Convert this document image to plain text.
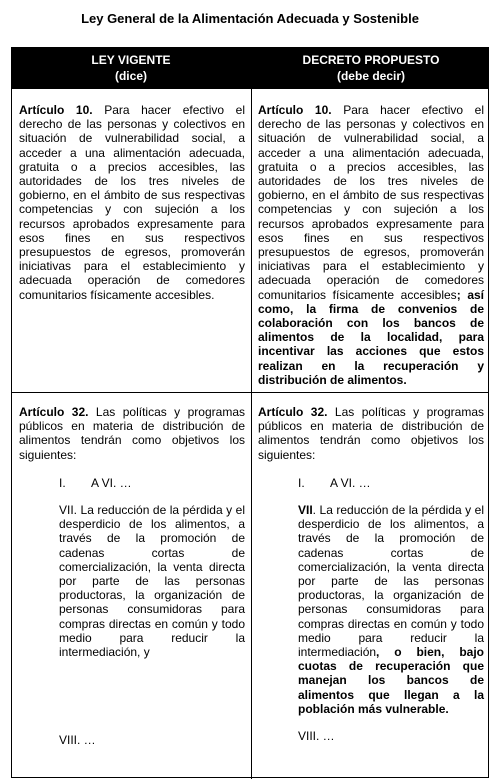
Ley General de la Alimentación Adecuada y Sostenible
LEY VIGENTE
(dice)
DECRETO PROPUESTO
(debe decir)
Artículo 10. Para hacer efectivo el derecho de las personas y colectivos en situación de vulnerabilidad social, a acceder a una alimentación adecuada, gratuita o a precios accesibles, las autoridades de los tres niveles de gobierno, en el ámbito de sus respectivas competencias y con sujeción a los recursos aprobados expresamente para esos fines en sus respectivos presupuestos de egresos, promoverán iniciativas para el establecimiento y adecuada operación de comedores comunitarios físicamente accesibles.
Artículo 10. Para hacer efectivo el derecho de las personas y colectivos en situación de vulnerabilidad social, a acceder a una alimentación adecuada, gratuita o a precios accesibles, las autoridades de los tres niveles de gobierno, en el ámbito de sus respectivas competencias y con sujeción a los recursos aprobados expresamente para esos fines en sus respectivos presupuestos de egresos, promoverán iniciativas para el establecimiento y adecuada operación de comedores comunitarios físicamente accesibles; así como, la firma de convenios de colaboración con los bancos de alimentos de la localidad, para incentivar las acciones que estos realizan en la recuperación y distribución de alimentos.
Artículo 32. Las políticas y programas públicos en materia de distribución de alimentos tendrán como objetivos los siguientes:
I. A VI. …
VII. La reducción de la pérdida y el desperdicio de los alimentos, a través de la promoción de cadenas cortas de comercialización, la venta directa por parte de las personas productoras, la organización de personas consumidoras para compras directas en común y todo medio para reducir la intermediación, y
VIII. …
Artículo 32. Las políticas y programas públicos en materia de distribución de alimentos tendrán como objetivos los siguientes:
I. A VI. …
VII. La reducción de la pérdida y el desperdicio de los alimentos, a través de la promoción de cadenas cortas de comercialización, la venta directa por parte de las personas productoras, la organización de personas consumidoras para compras directas en común y todo medio para reducir la intermediación, o bien, bajo cuotas de recuperación que manejan los bancos de alimentos que llegan a la población más vulnerable.
VIII. …
